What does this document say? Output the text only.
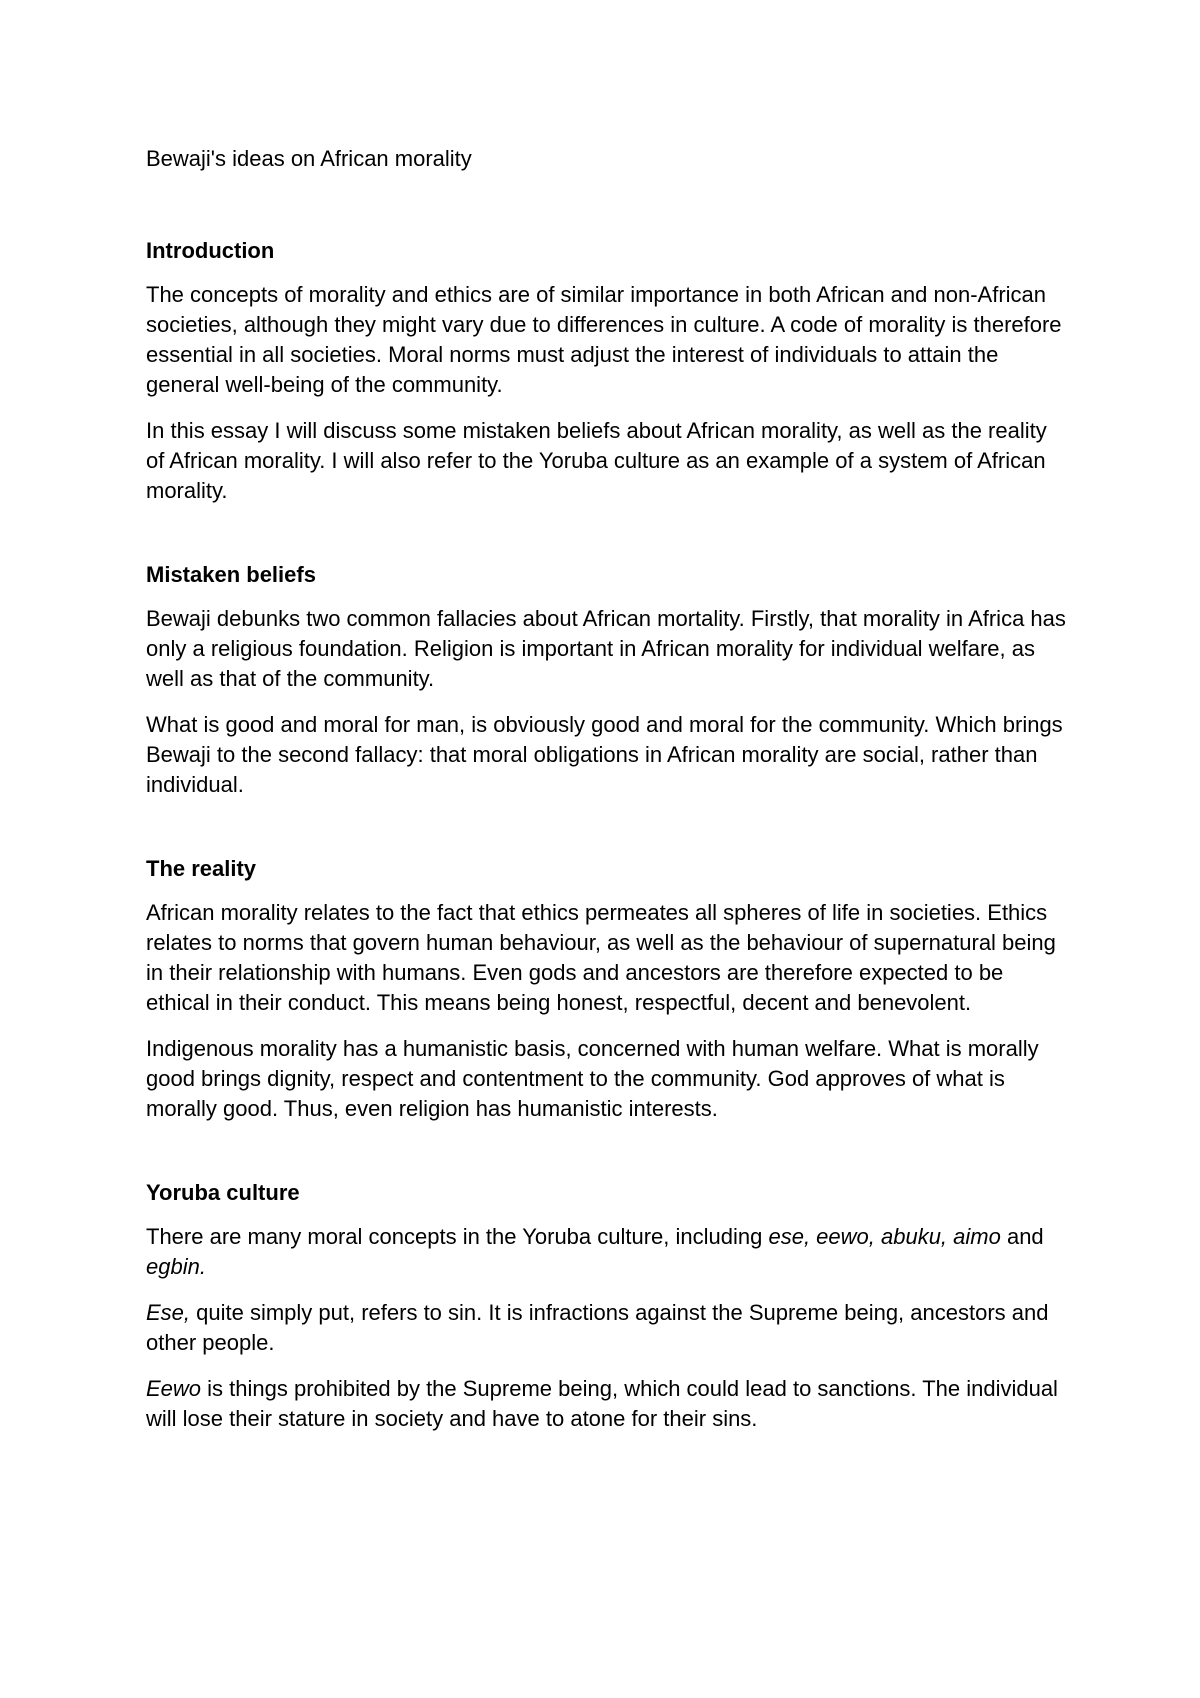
Bewaji's ideas on African morality

Introduction

The concepts of morality and ethics are of similar importance in both African and non-African societies, although they might vary due to differences in culture. A code of morality is therefore essential in all societies. Moral norms must adjust the interest of individuals to attain the general well-being of the community.

In this essay I will discuss some mistaken beliefs about African morality, as well as the reality of African morality. I will also refer to the Yoruba culture as an example of a system of African morality.

Mistaken beliefs

Bewaji debunks two common fallacies about African mortality. Firstly, that morality in Africa has only a religious foundation. Religion is important in African morality for individual welfare, as well as that of the community.

What is good and moral for man, is obviously good and moral for the community. Which brings Bewaji to the second fallacy: that moral obligations in African morality are social, rather than individual.

The reality

African morality relates to the fact that ethics permeates all spheres of life in societies. Ethics relates to norms that govern human behaviour, as well as the behaviour of supernatural being in their relationship with humans. Even gods and ancestors are therefore expected to be ethical in their conduct. This means being honest, respectful, decent and benevolent.

Indigenous morality has a humanistic basis, concerned with human welfare. What is morally good brings dignity, respect and contentment to the community. God approves of what is morally good. Thus, even religion has humanistic interests.

Yoruba culture

There are many moral concepts in the Yoruba culture, including ese, eewo, abuku, aimo and egbin.

Ese, quite simply put, refers to sin. It is infractions against the Supreme being, ancestors and other people.

Eewo is things prohibited by the Supreme being, which could lead to sanctions. The individual will lose their stature in society and have to atone for their sins.
